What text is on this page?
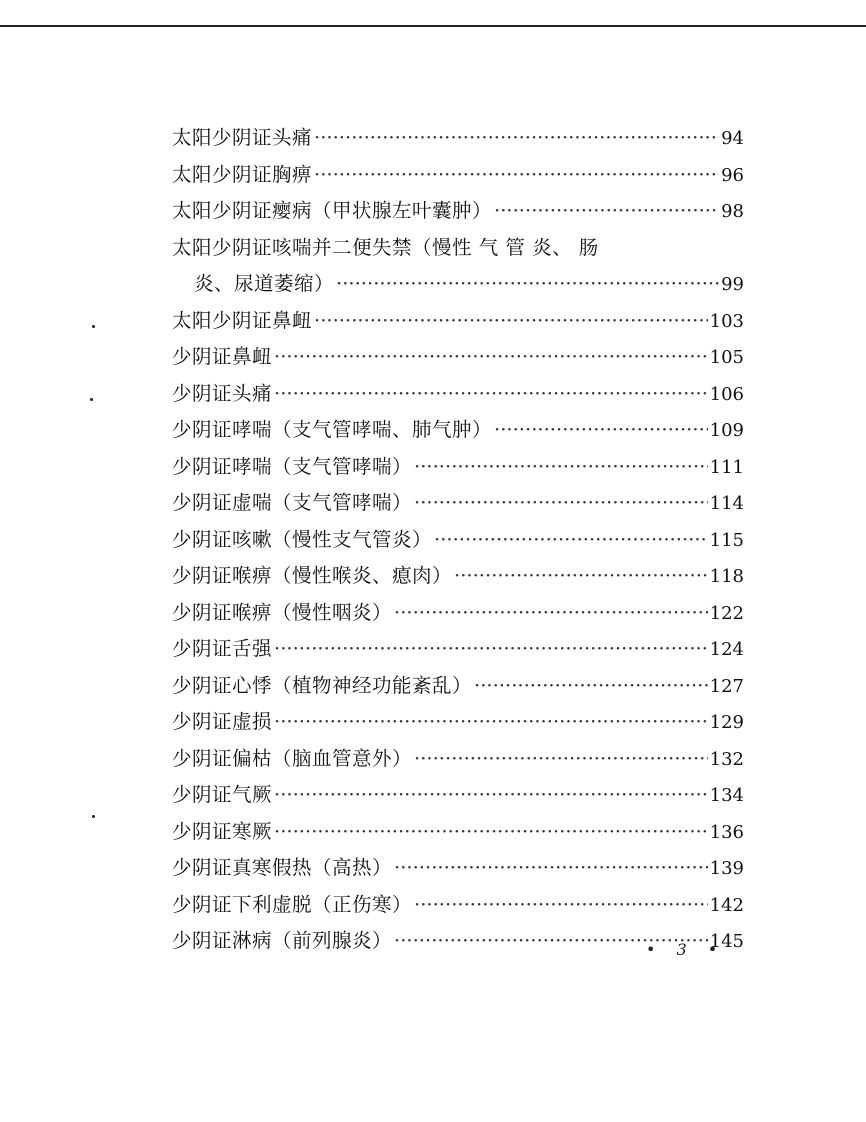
太阳少阴证头痛 ·····	94
太阳少阴证胸痹 ·····	96
太阳少阴证瘿病（甲状腺左叶囊肿） ·····	98
太阳少阴证咳喘并二便失禁（慢性 气 管 炎、 肠
炎、尿道萎缩） ·····	99
太阳少阴证鼻衄 ·····	103
少阴证鼻衄 ·····	105
少阴证头痛 ·····	106
少阴证哮喘（支气管哮喘、肺气肿） ·····	109
少阴证哮喘（支气管哮喘） ·····	111
少阴证虚喘（支气管哮喘） ·····	114
少阴证咳嗽（慢性支气管炎） ·····	115
少阴证喉痹（慢性喉炎、瘜肉） ·····	118
少阴证喉痹（慢性咽炎） ·····	122
少阴证舌强 ·····	124
少阴证心悸（植物神经功能紊乱） ·····	127
少阴证虚损 ·····	129
少阴证偏枯（脑血管意外） ·····	132
少阴证气厥 ·····	134
少阴证寒厥 ·····	136
少阴证真寒假热（高热） ·····	139
少阴证下利虚脱（正伤寒） ·····	142
少阴证淋病（前列腺炎） ·····	145
• 3 •
